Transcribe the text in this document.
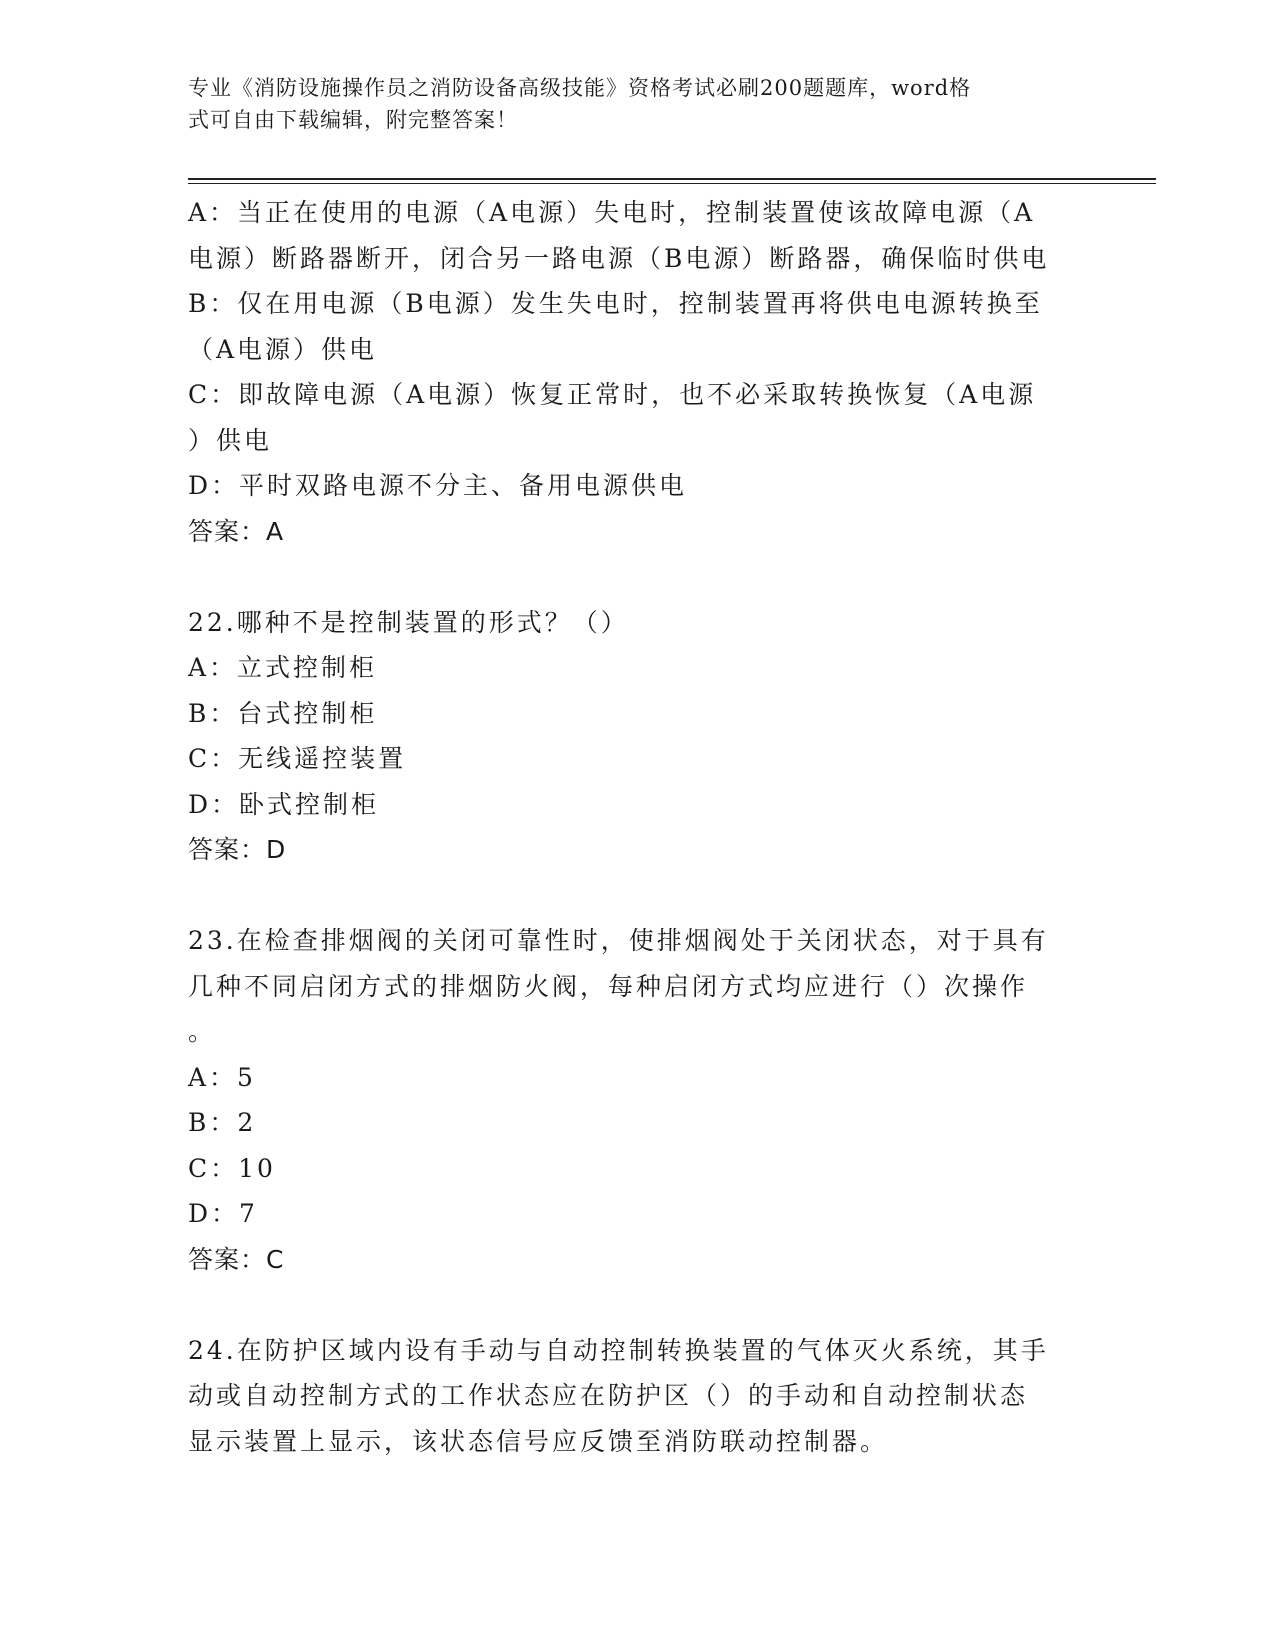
专业《消防设施操作员之消防设备高级技能》资格考试必刷200题题库，word格
式可自由下载编辑，附完整答案！
A：当正在使用的电源（A电源）失电时，控制装置使该故障电源（A
电源）断路器断开，闭合另一路电源（B电源）断路器，确保临时供电
B：仅在用电源（B电源）发生失电时，控制装置再将供电电源转换至
（A电源）供电
C：即故障电源（A电源）恢复正常时，也不必采取转换恢复（A电源
）供电
D：平时双路电源不分主、备用电源供电
答案：A
22.哪种不是控制装置的形式？（）
A：立式控制柜
B：台式控制柜
C：无线遥控装置
D：卧式控制柜
答案：D
23.在检查排烟阀的关闭可靠性时，使排烟阀处于关闭状态，对于具有
几种不同启闭方式的排烟防火阀，每种启闭方式均应进行（）次操作
。
A：5
B：2
C：10
D：7
答案：C
24.在防护区域内设有手动与自动控制转换装置的气体灭火系统，其手
动或自动控制方式的工作状态应在防护区（）的手动和自动控制状态
显示装置上显示，该状态信号应反馈至消防联动控制器。
